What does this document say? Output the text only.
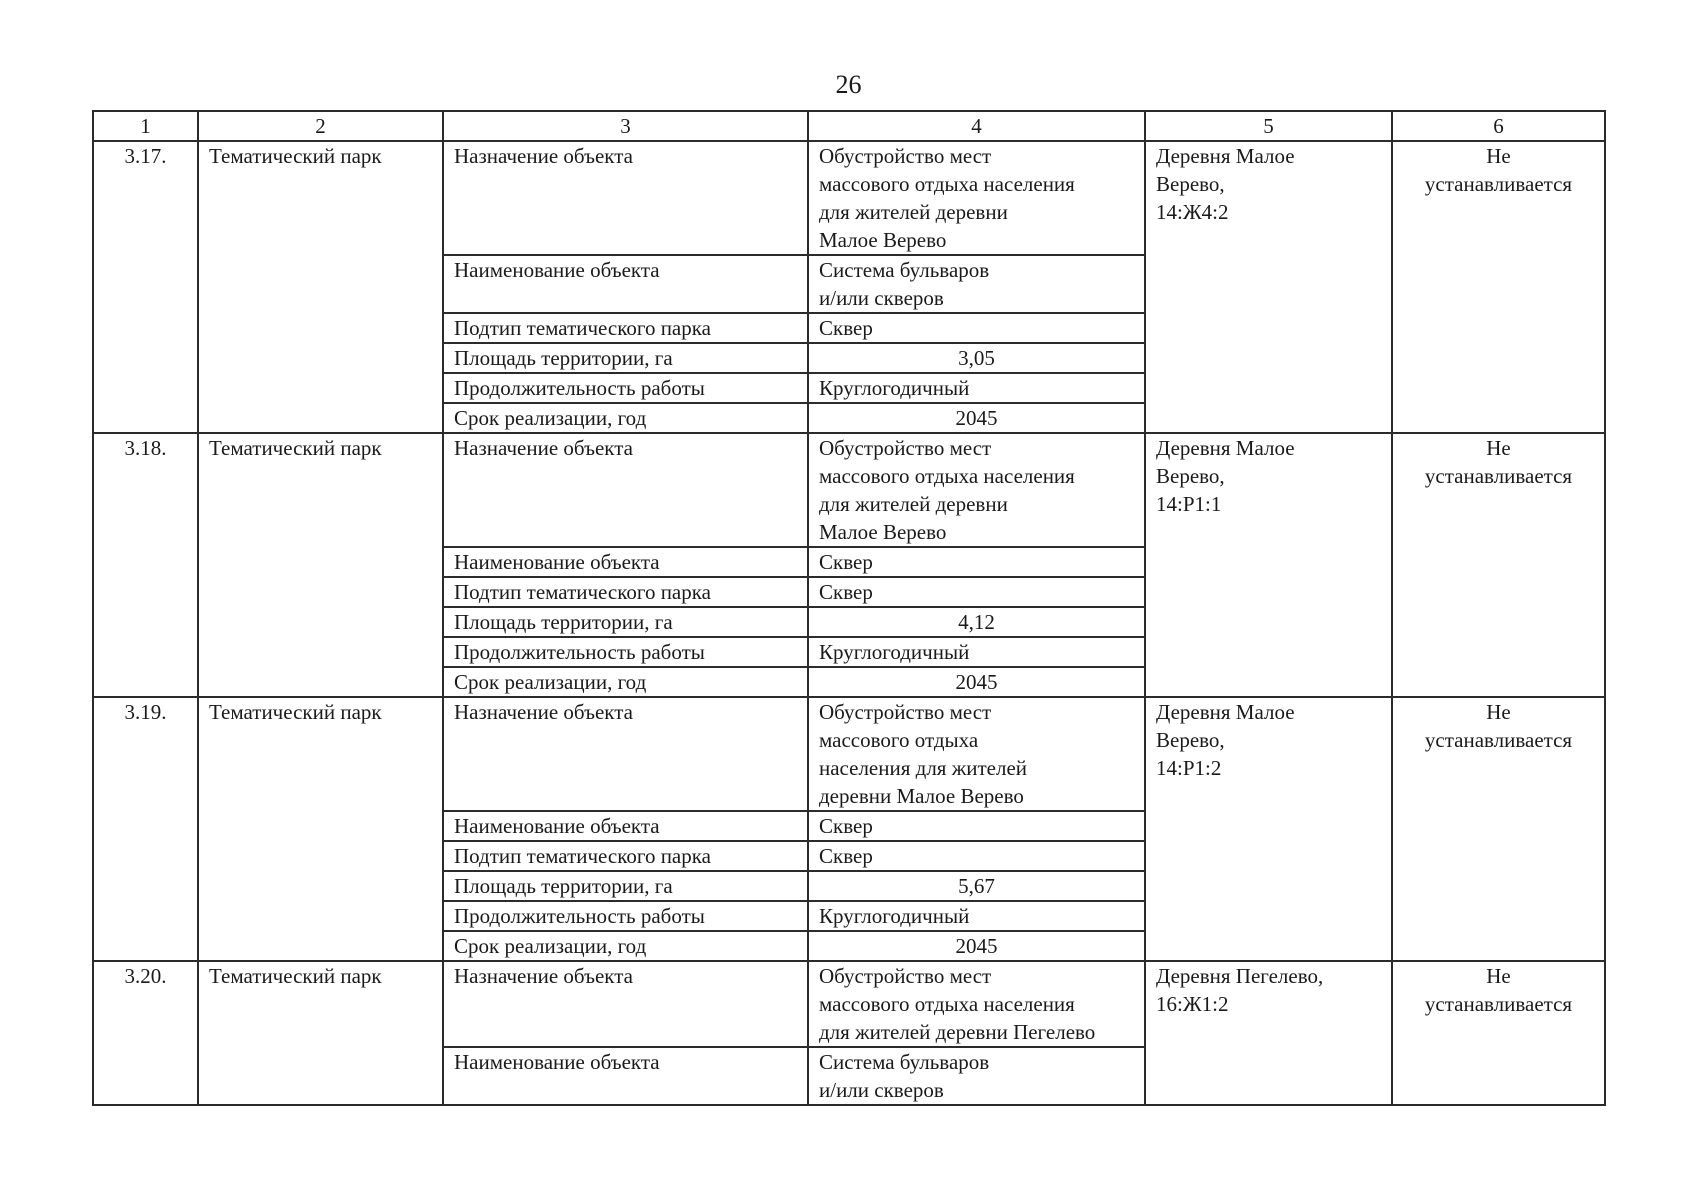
26
1	2	3	4	5	6
3.17.	Тематический парк	Назначение объекта	Обустройство мест
массового отдыха населения
для жителей деревни
Малое Верево	Деревня Малое
Верево,
14:Ж4:2	Не
устанавливается
		Наименование объекта	Система бульваров
и/или скверов		
		Подтип тематического парка	Сквер		
		Площадь территории, га	3,05		
		Продолжительность работы	Круглогодичный		
		Срок реализации, год	2045		
3.18.	Тематический парк	Назначение объекта	Обустройство мест
массового отдыха населения
для жителей деревни
Малое Верево	Деревня Малое
Верево,
14:Р1:1	Не
устанавливается
		Наименование объекта	Сквер		
		Подтип тематического парка	Сквер		
		Площадь территории, га	4,12		
		Продолжительность работы	Круглогодичный		
		Срок реализации, год	2045		
3.19.	Тематический парк	Назначение объекта	Обустройство мест
массового отдыха
населения для жителей
деревни Малое Верево	Деревня Малое
Верево,
14:Р1:2	Не
устанавливается
		Наименование объекта	Сквер		
		Подтип тематического парка	Сквер		
		Площадь территории, га	5,67		
		Продолжительность работы	Круглогодичный		
		Срок реализации, год	2045		
3.20.	Тематический парк	Назначение объекта	Обустройство мест
массового отдыха населения
для жителей деревни Пегелево	Деревня Пегелево,
16:Ж1:2	Не
устанавливается
		Наименование объекта	Система бульваров
и/или скверов		
